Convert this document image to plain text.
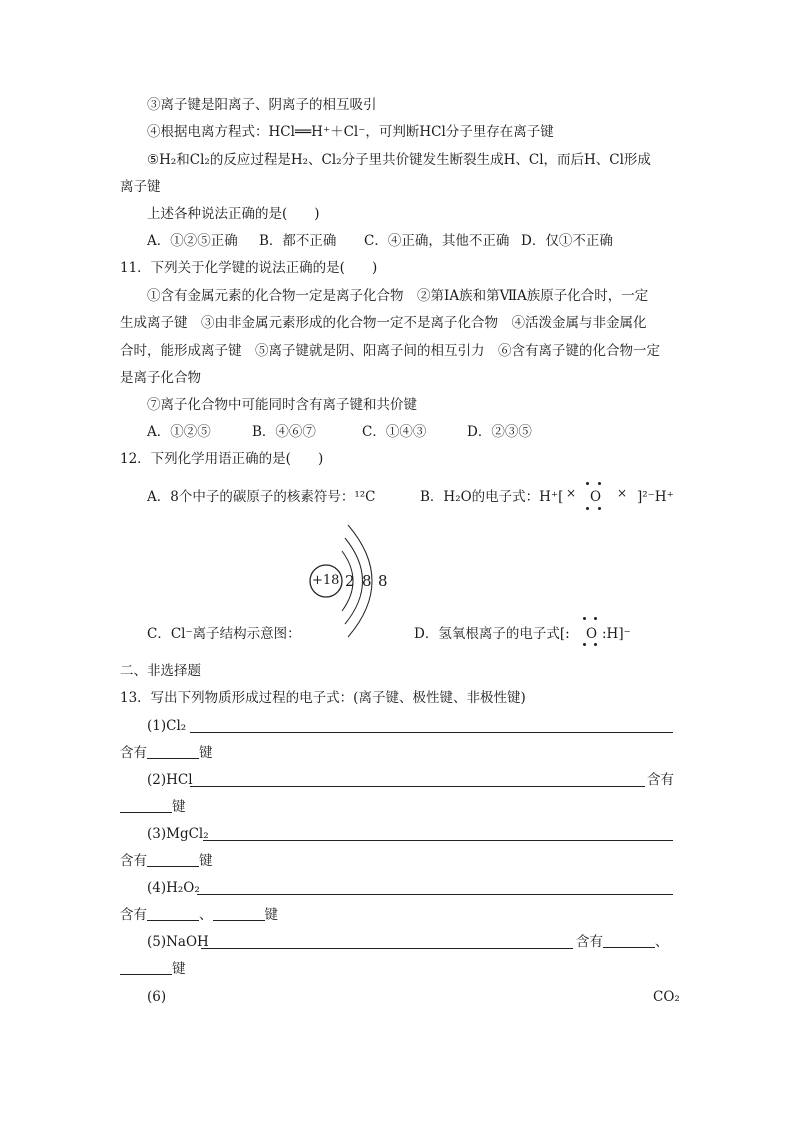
③离子键是阳离子、阴离子的相互吸引
④根据电离方程式：HCl══H⁺＋Cl⁻，可判断HCl分子里存在离子键
⑤H₂和Cl₂的反应过程是H₂、Cl₂分子里共价键发生断裂生成H、Cl，而后H、Cl形成
离子键
上述各种说法正确的是(　　)
A．①②⑤正确 B．都不正确 C．④正确，其他不正确 D．仅①不正确
11．下列关于化学键的说法正确的是(　　)
①含有金属元素的化合物一定是离子化合物　②第ⅠA族和第ⅦA族原子化合时，一定
生成离子键　③由非金属元素形成的化合物一定不是离子化合物　④活泼金属与非金属化
合时，能形成离子键　⑤离子键就是阴、阳离子间的相互引力　⑥含有离子键的化合物一定
是离子化合物
⑦离子化合物中可能同时含有离子键和共价键
A．①②⑤	B．④⑥⑦	C．①④③	D．②③⑤
12．下列化学用语正确的是(　　)
A．8个中子的碳原子的核素符号：¹²C	B．H₂O的电子式：H⁺[ × O × ]²⁻H⁺
+18 2 8 8
C．Cl⁻离子结构示意图：	D．氢氧根离子的电子式[: O :H]⁻
二、非选择题
13．写出下列物质形成过程的电子式：(离子键、极性键、非极性键)
(1)Cl₂
含有	键
(2)HCl	含有
键
(3)MgCl₂
含有	键
(4)H₂O₂
含有	、	键
(5)NaOH	含有	、
键
(6)	CO₂
